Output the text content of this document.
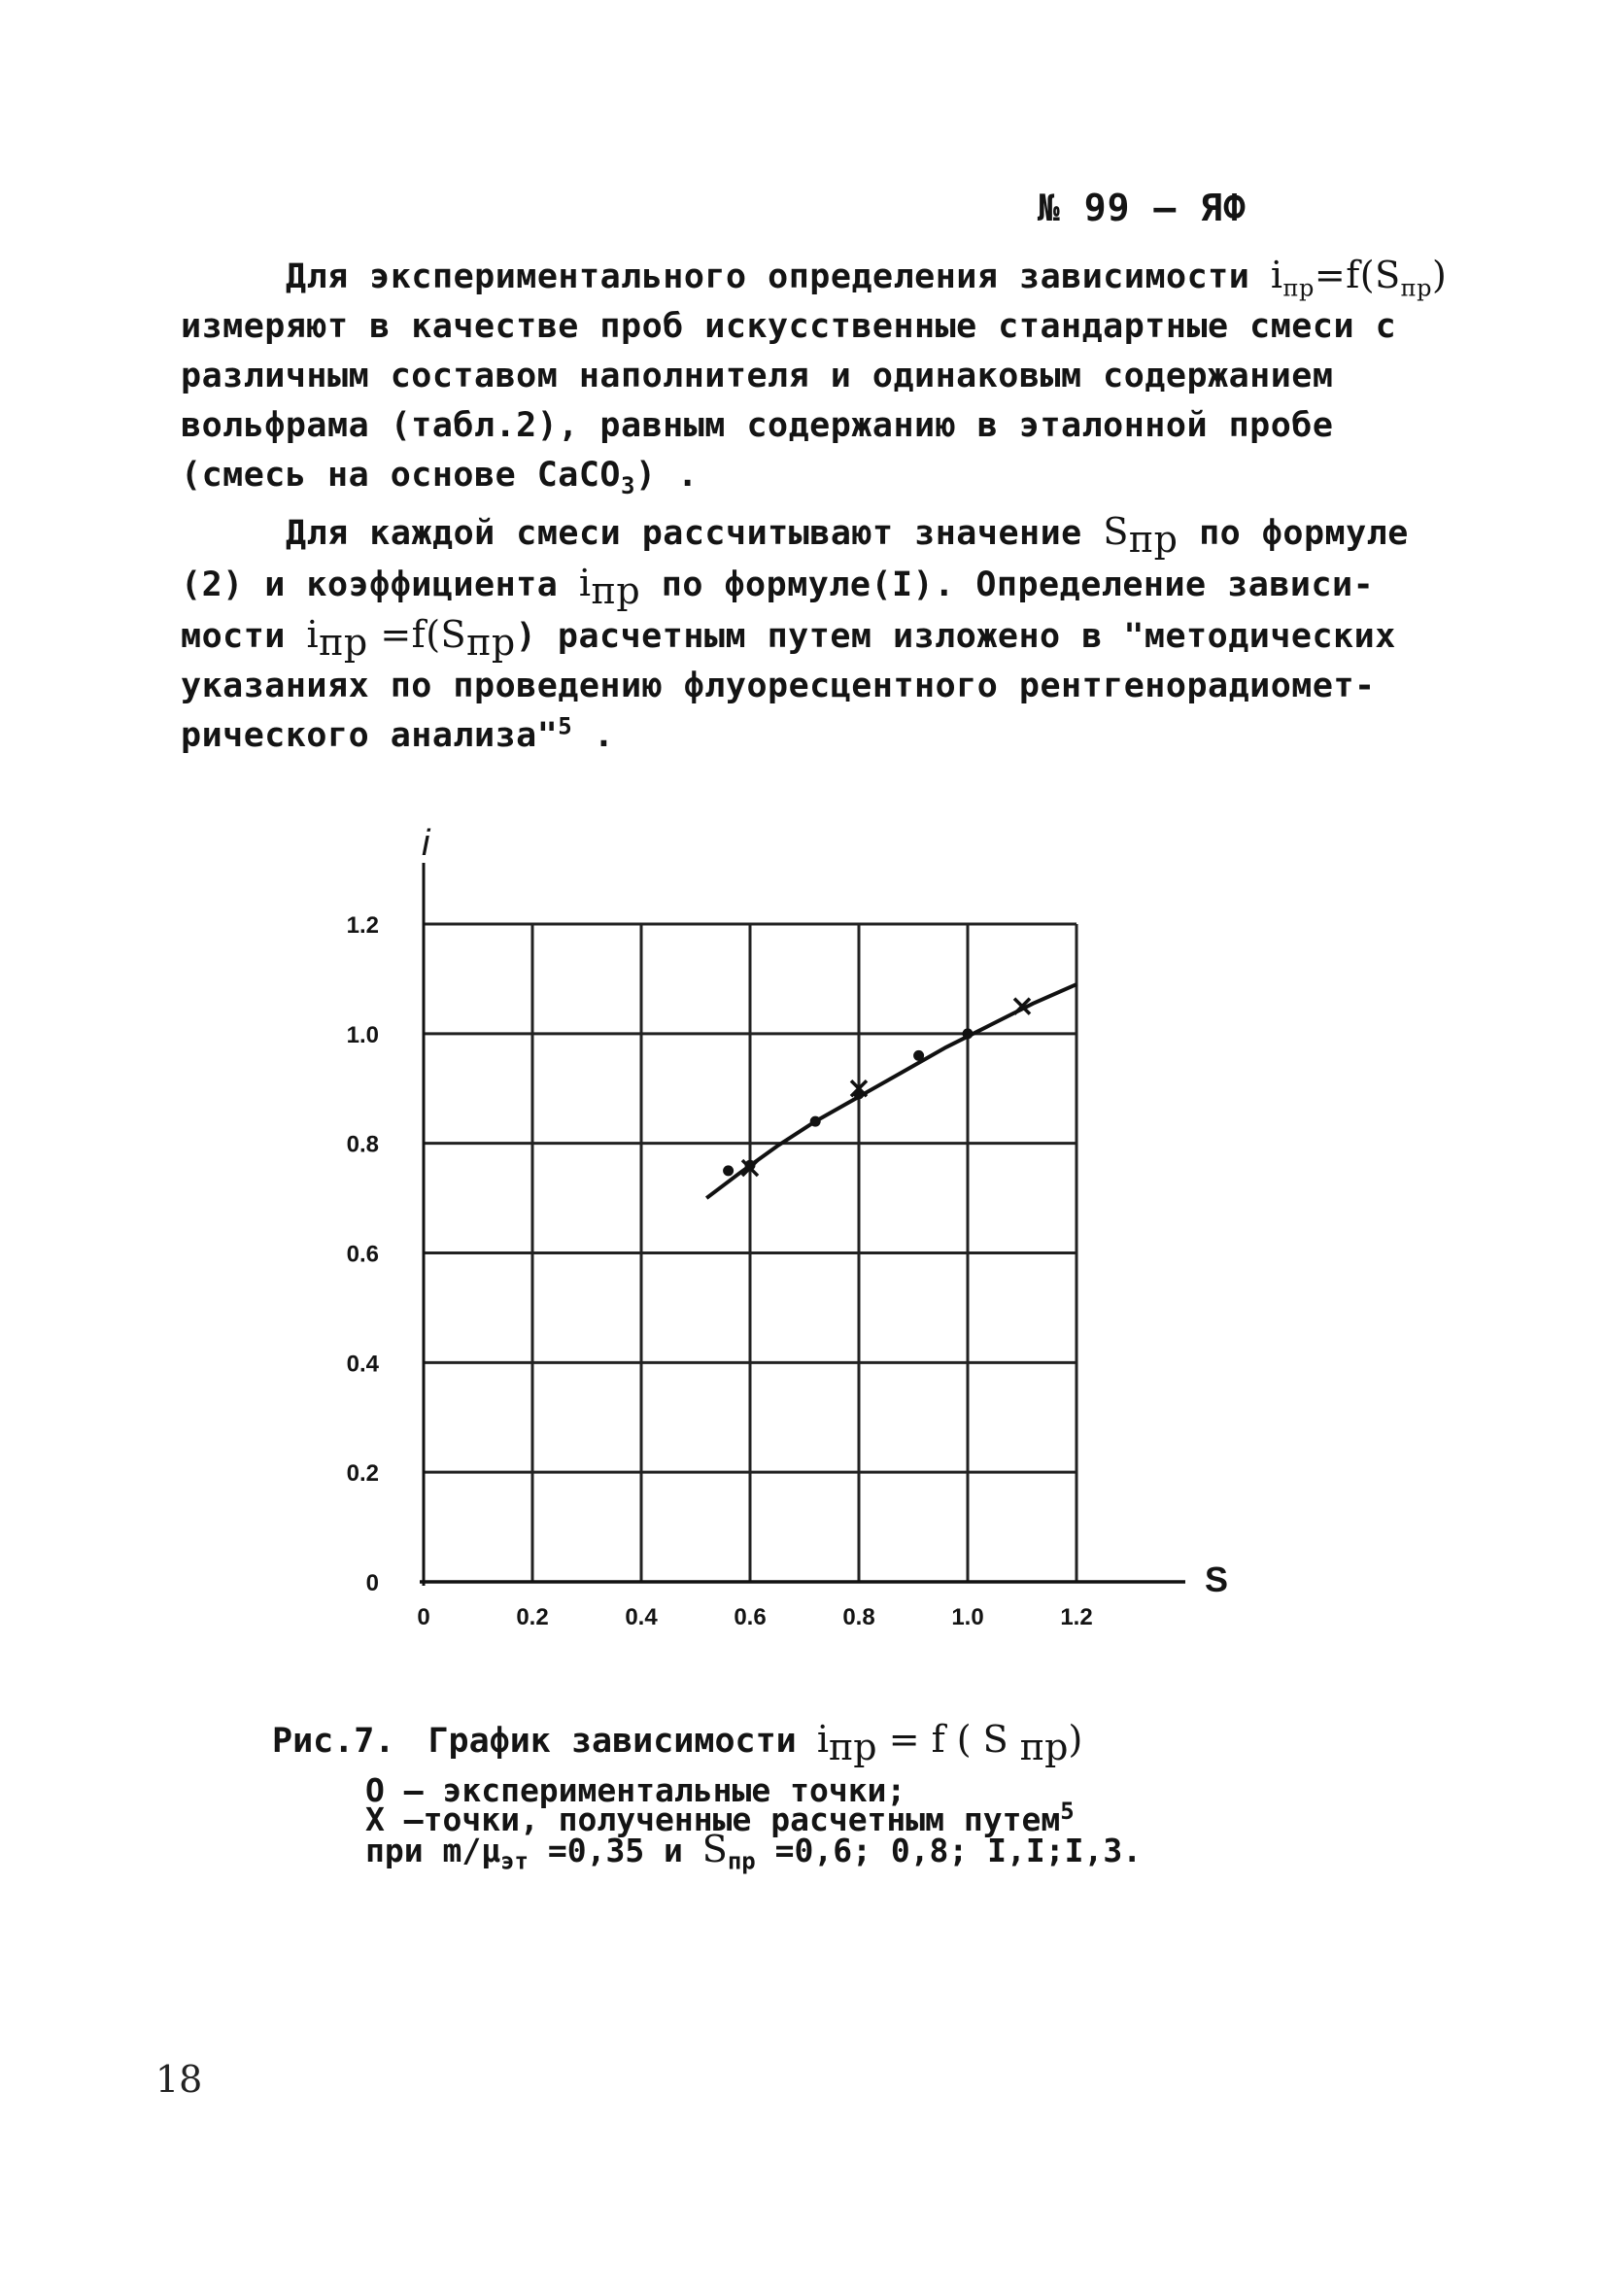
№ 99 – ЯФ
Для экспериментального определения зависимости $i_{пр}=f(S_{пр})$
измеряют в качестве проб искусственные стандартные смеси с
различным составом наполнителя и одинаковым содержанием
вольфрама (табл.2), равным содержанию в эталонной пробе
(смесь на основе CaCO$_3$) .
Для каждой смеси рассчитывают значение $S_{пр}$ по формуле
(2) и коэффициента $i_{пр}$ по формуле(I). Определение зависи-
мости $i_{пр} =f(S_{пр})$ расчетным путем изложено в "методических
указаниях по проведению флуоресцентного рентгенорадиомет-
рического анализа"$^5$ .
0	0.2	0.4	0.6	0.8	1.0	1.2
0
0.2
0.4
0.6
0.8
1.0
1.2
i
S
Рис.7. График зависимости $i_{пр} = f$ ( S $_{пр}$)
O – экспериментальные точки;
X –точки, полученные расчетным путем$^5$
при $m/\mu_{эт} =0,35$ и $S_{пр} =0,6$; 0,8; I,I;I,3.
18
